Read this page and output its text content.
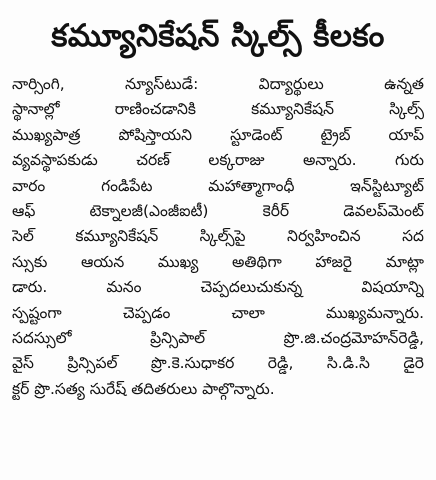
కమ్యూనికేషన్ స్కిల్స్ కీలకం
నార్సింగి, న్యూస్‌టుడే: విద్యార్థులు ఉన్నత
స్థానాల్లో రాణించడానికి కమ్యూనికేషన్ స్కిల్స్
ముఖ్యపాత్ర పోషిస్తాయని స్టూడెంట్ ట్రైబ్ యాప్
వ్యవస్థాపకుడు చరణ్ లక్కరాజు అన్నారు. గురు
వారం గండిపేట మహాత్మాగాంధీ ఇన్‌స్టిట్యూట్
ఆఫ్ టెక్నాలజీ(ఎంజీఐటీ) కెరీర్ డెవలప్‌మెంట్
సెల్ కమ్యూనికేషన్ స్కిల్స్‌పై నిర్వహించిన సద
స్సుకు ఆయన ముఖ్య అతిథిగా హాజరై మాట్లా
డారు. మనం చెప్పదలుచుకున్న విషయాన్ని
స్పష్టంగా చెప్పడం చాలా ముఖ్యమన్నారు.
సదస్సులో ప్రిన్సిపాల్ ప్రొ.జి.చంద్రమోహన్‌రెడ్డి,
వైస్ ప్రిన్సిపల్ ప్రొ.కె.సుధాకర రెడ్డి, సి.డి.సి డైరె
క్టర్ ప్రొ.సత్య సురేష్ తదితరులు పాల్గొన్నారు.
